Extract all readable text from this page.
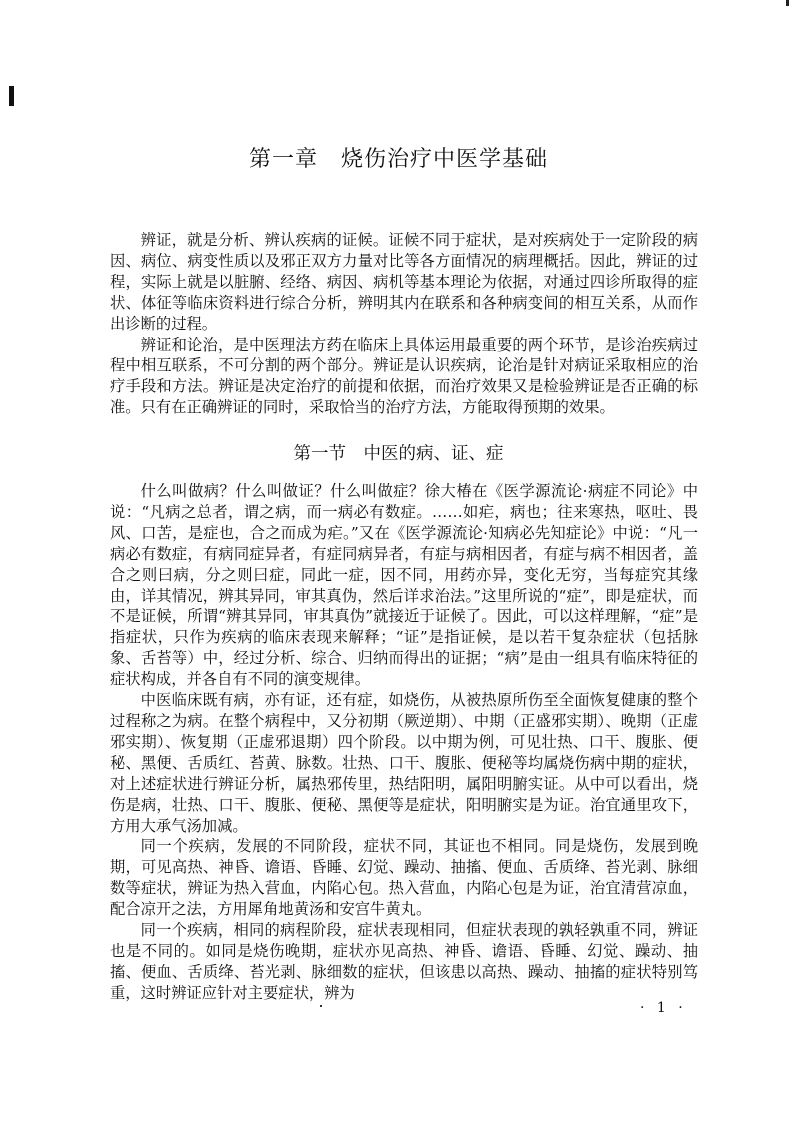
第一章　烧伤治疗中医学基础

辨证，就是分析、辨认疾病的证候。证候不同于症状，是对疾病处于一定阶段的病因、病位、病变性质以及邪正双方力量对比等各方面情况的病理概括。因此，辨证的过程，实际上就是以脏腑、经络、病因、病机等基本理论为依据，对通过四诊所取得的症状、体征等临床资料进行综合分析，辨明其内在联系和各种病变间的相互关系，从而作出诊断的过程。

辨证和论治，是中医理法方药在临床上具体运用最重要的两个环节，是诊治疾病过程中相互联系，不可分割的两个部分。辨证是认识疾病，论治是针对病证采取相应的治疗手段和方法。辨证是决定治疗的前提和依据，而治疗效果又是检验辨证是否正确的标准。只有在正确辨证的同时，采取恰当的治疗方法，方能取得预期的效果。

第一节　中医的病、证、症

什么叫做病？什么叫做证？什么叫做症？徐大椿在《医学源流论·病症不同论》中说：“凡病之总者，谓之病，而一病必有数症。……如疟，病也；往来寒热，呕吐、畏风、口苦，是症也，合之而成为疟。”又在《医学源流论·知病必先知症论》中说：“凡一病必有数症，有病同症异者，有症同病异者，有症与病相因者，有症与病不相因者，盖合之则曰病，分之则曰症，同此一症，因不同，用药亦异，变化无穷，当每症究其缘由，详其情况，辨其异同，审其真伪，然后详求治法。”这里所说的“症”，即是症状，而不是证候，所谓“辨其异同，审其真伪”就接近于证候了。因此，可以这样理解，“症”是指症状，只作为疾病的临床表现来解释；“证”是指证候，是以若干复杂症状（包括脉象、舌苔等）中，经过分析、综合、归纳而得出的证据；“病”是由一组具有临床特征的症状构成，并各自有不同的演变规律。

中医临床既有病，亦有证，还有症，如烧伤，从被热原所伤至全面恢复健康的整个过程称之为病。在整个病程中，又分初期（厥逆期）、中期（正盛邪实期）、晚期（正虚邪实期）、恢复期（正虚邪退期）四个阶段。以中期为例，可见壮热、口干、腹胀、便秘、黑便、舌质红、苔黄、脉数。壮热、口干、腹胀、便秘等均属烧伤病中期的症状，对上述症状进行辨证分析，属热邪传里，热结阳明，属阳明腑实证。从中可以看出，烧伤是病，壮热、口干、腹胀、便秘、黑便等是症状，阳明腑实是为证。治宜通里攻下，方用大承气汤加减。

同一个疾病，发展的不同阶段，症状不同，其证也不相同。同是烧伤，发展到晚期，可见高热、神昏、谵语、昏睡、幻觉、躁动、抽搐、便血、舌质绛、苔光剥、脉细数等症状，辨证为热入营血，内陷心包。热入营血，内陷心包是为证，治宜清营凉血，配合凉开之法，方用犀角地黄汤和安宫牛黄丸。

同一个疾病，相同的病程阶段，症状表现相同，但症状表现的孰轻孰重不同，辨证也是不同的。如同是烧伤晚期，症状亦见高热、神昏、谵语、昏睡、幻觉、躁动、抽搐、便血、舌质绛、苔光剥、脉细数的症状，但该患以高热、躁动、抽搐的症状特别笃重，这时辨证应针对主要症状，辨为

· 1 ·
